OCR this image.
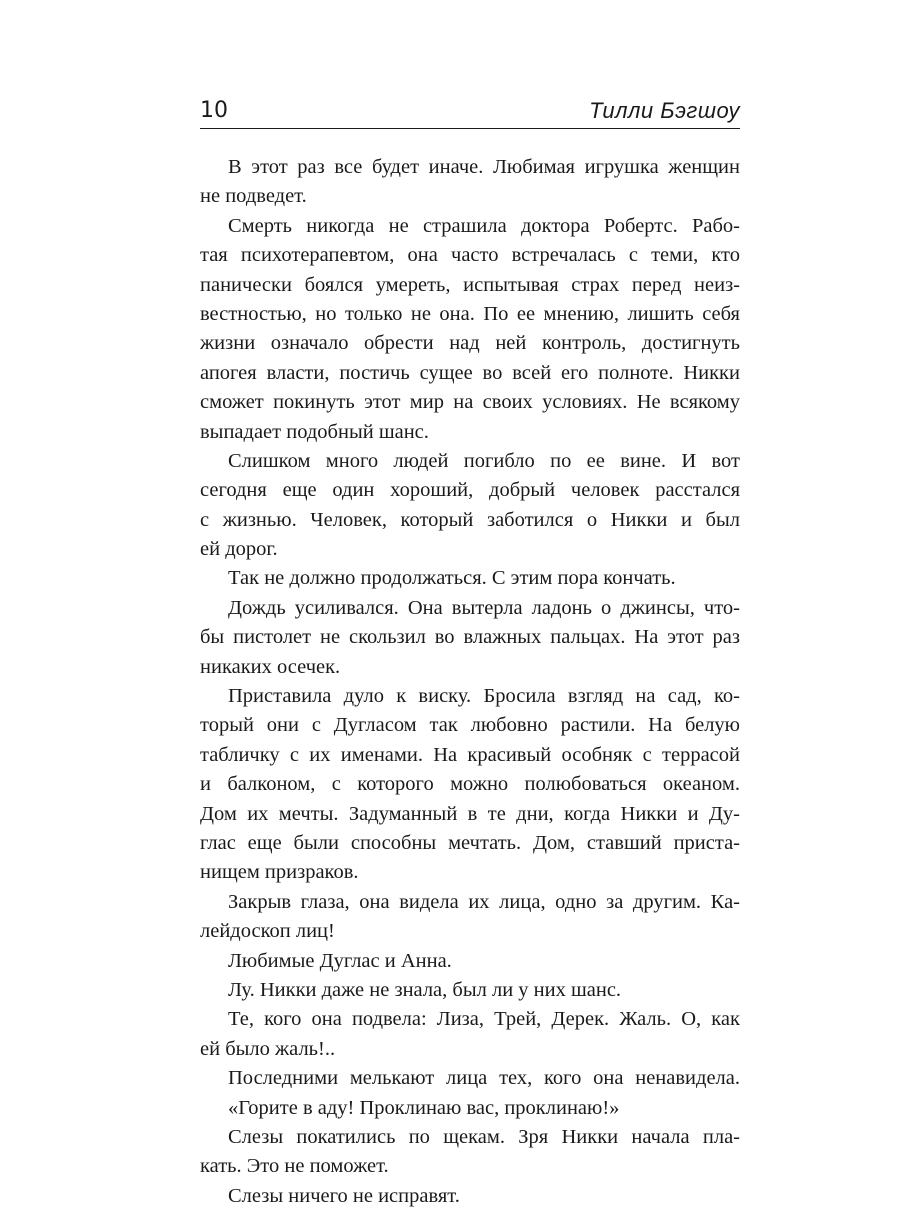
10	Тилли Бэгшоу
В этот раз все будет иначе. Любимая игрушка женщин
не подведет.
Смерть никогда не страшила доктора Робертс. Рабо-
тая психотерапевтом, она часто встречалась с теми, кто
панически боялся умереть, испытывая страх перед неиз-
вестностью, но только не она. По ее мнению, лишить себя
жизни означало обрести над ней контроль, достигнуть
апогея власти, постичь сущее во всей его полноте. Никки
сможет покинуть этот мир на своих условиях. Не всякому
выпадает подобный шанс.
Слишком много людей погибло по ее вине. И вот
сегодня еще один хороший, добрый человек расстался
с жизнью. Человек, который заботился о Никки и был
ей дорог.
Так не должно продолжаться. С этим пора кончать.
Дождь усиливался. Она вытерла ладонь о джинсы, что-
бы пистолет не скользил во влажных пальцах. На этот раз
никаких осечек.
Приставила дуло к виску. Бросила взгляд на сад, ко-
торый они с Дугласом так любовно растили. На белую
табличку с их именами. На красивый особняк с террасой
и балконом, с которого можно полюбоваться океаном.
Дом их мечты. Задуманный в те дни, когда Никки и Ду-
глас еще были способны мечтать. Дом, ставший приста-
нищем призраков.
Закрыв глаза, она видела их лица, одно за другим. Ка-
лейдоскоп лиц!
Любимые Дуглас и Анна.
Лу. Никки даже не знала, был ли у них шанс.
Те, кого она подвела: Лиза, Трей, Дерек. Жаль. О, как
ей было жаль!..
Последними мелькают лица тех, кого она ненавидела.
«Горите в аду! Проклинаю вас, проклинаю!»
Слезы покатились по щекам. Зря Никки начала пла-
кать. Это не поможет.
Слезы ничего не исправят.
